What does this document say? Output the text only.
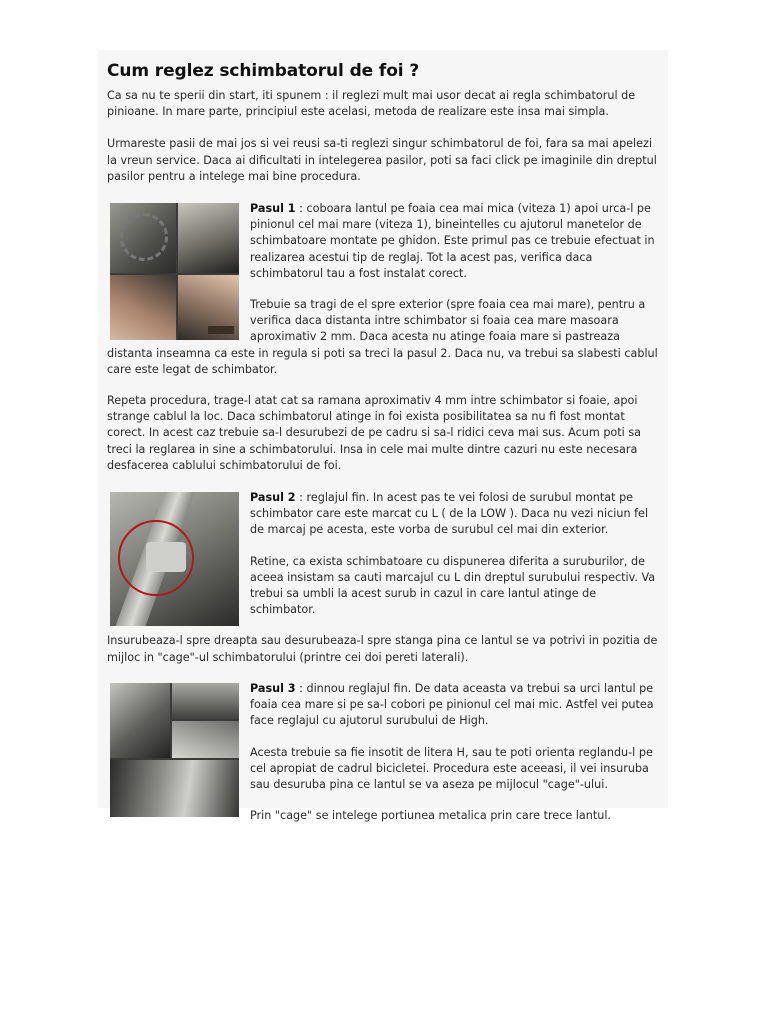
Cum reglez schimbatorul de foi ?

Ca sa nu te sperii din start, iti spunem : il reglezi mult mai usor decat ai regla schimbatorul de pinioane. In mare parte, principiul este acelasi, metoda de realizare este insa mai simpla.

Urmareste pasii de mai jos si vei reusi sa-ti reglezi singur schimbatorul de foi, fara sa mai apelezi la vreun service. Daca ai dificultati in intelegerea pasilor, poti sa faci click pe imaginile din dreptul pasilor pentru a intelege mai bine procedura.

Pasul 1 : coboara lantul pe foaia cea mai mica (viteza 1) apoi urca-l pe pinionul cel mai mare (viteza 1), bineintelles cu ajutorul manetelor de schimbatoare montate pe ghidon. Este primul pas ce trebuie efectuat in realizarea acestui tip de reglaj. Tot la acest pas, verifica daca schimbatorul tau a fost instalat corect.

Trebuie sa tragi de el spre exterior (spre foaia cea mai mare), pentru a verifica daca distanta intre schimbator si foaia cea mare masoara aproximativ 2 mm. Daca acesta nu atinge foaia mare si pastreaza distanta inseamna ca este in regula si poti sa treci la pasul 2. Daca nu, va trebui sa slabesti cablul care este legat de schimbator.

Repeta procedura, trage-l atat cat sa ramana aproximativ 4 mm intre schimbator si foaie, apoi strange cablul la loc. Daca schimbatorul atinge in foi exista posibilitatea sa nu fi fost montat corect. In acest caz trebuie sa-l desurubezi de pe cadru si sa-l ridici ceva mai sus. Acum poti sa treci la reglarea in sine a schimbatorului. Insa in cele mai multe dintre cazuri nu este necesara desfacerea cablului schimbatorului de foi.

Pasul 2 : reglajul fin. In acest pas te vei folosi de surubul montat pe schimbator care este marcat cu L ( de la LOW ). Daca nu vezi niciun fel de marcaj pe acesta, este vorba de surubul cel mai din exterior.

Retine, ca exista schimbatoare cu dispunerea diferita a suruburilor, de aceea insistam sa cauti marcajul cu L din dreptul surubului respectiv. Va trebui sa umbli la acest surub in cazul in care lantul atinge de schimbator.

Insurubeaza-l spre dreapta sau desurubeaza-l spre stanga pina ce lantul se va potrivi in pozitia de mijloc in "cage"-ul schimbatorului (printre cei doi pereti laterali).

Pasul 3 : dinnou reglajul fin. De data aceasta va trebui sa urci lantul pe foaia cea mare si pe sa-l cobori pe pinionul cel mai mic. Astfel vei putea face reglajul cu ajutorul surubului de High.

Acesta trebuie sa fie insotit de litera H, sau te poti orienta reglandu-l pe cel apropiat de cadrul bicicletei. Procedura este aceeasi, il vei insuruba sau desuruba pina ce lantul se va aseza pe mijlocul "cage"-ului.

Prin "cage" se intelege portiunea metalica prin care trece lantul.
